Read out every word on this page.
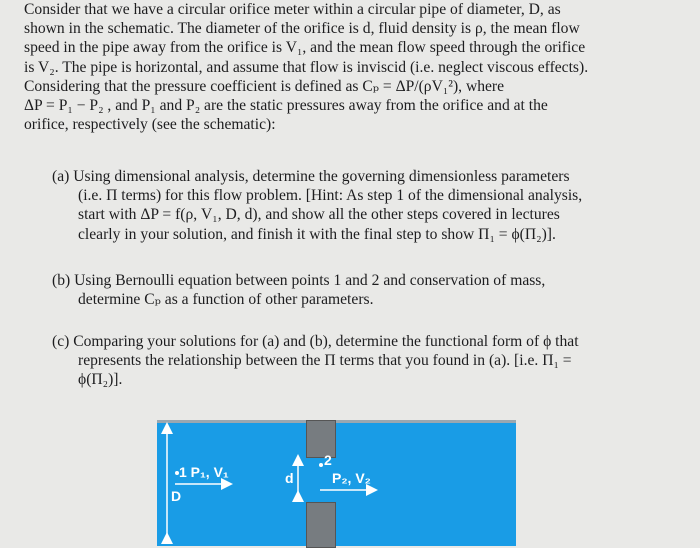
Consider that we have a circular orifice meter within a circular pipe of diameter, D, as
shown in the schematic. The diameter of the orifice is d, fluid density is ρ, the mean flow
speed in the pipe away from the orifice is V₁, and the mean flow speed through the orifice
is V₂. The pipe is horizontal, and assume that flow is inviscid (i.e. neglect viscous effects).
Considering that the pressure coefficient is defined as Cₚ = ΔP/(ρV₁²), where
ΔP = P₁ − P₂ , and P₁ and P₂ are the static pressures away from the orifice and at the
orifice, respectively (see the schematic):
(a) Using dimensional analysis, determine the governing dimensionless parameters
(i.e. Π terms) for this flow problem. [Hint: As step 1 of the dimensional analysis,
start with ΔP = f(ρ, V₁, D, d), and show all the other steps covered in lectures
clearly in your solution, and finish it with the final step to show Π₁ = ϕ(Π₂)].
(b) Using Bernoulli equation between points 1 and 2 and conservation of mass,
determine Cₚ as a function of other parameters.
(c) Comparing your solutions for (a) and (b), determine the functional form of ϕ that
represents the relationship between the Π terms that you found in (a). [i.e. Π₁ =
ϕ(Π₂)].
1 P₁, V₁
D
d
2
P₂, V₂
